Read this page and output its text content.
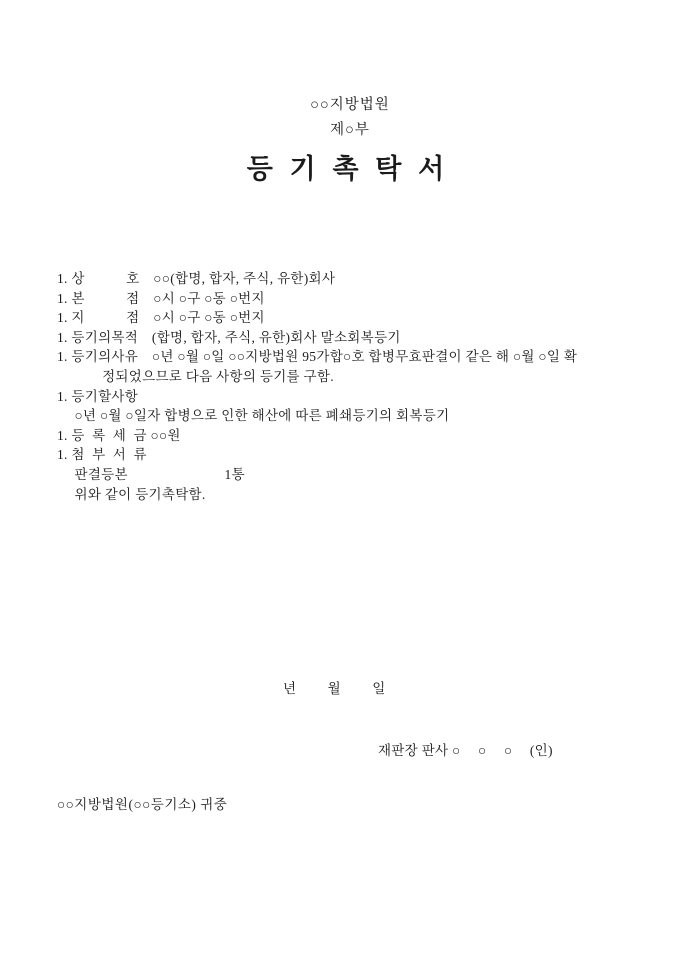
○○지방법원
제○부
등 기 촉 탁 서
1. 상　　　호　○○(합명, 합자, 주식, 유한)회사
1. 본　　　점　○시 ○구 ○동 ○번지
1. 지　　　점　○시 ○구 ○동 ○번지
1. 등기의목적　(합명, 합자, 주식, 유한)회사 말소회복등기
1. 등기의사유　○년 ○월 ○일 ○○지방법원 95가합○호 합병무효판결이 같은 해 ○월 ○일 확
　　　 정되었으므로 다음 사항의 등기를 구함.
1. 등기할사항
　 ○년 ○월 ○일자 합병으로 인한 해산에 따른 폐쇄등기의 회복등기
1. 등  록  세  금 ○○원
1. 첨  부  서  류
　 판결등본　　　　　　　1통
　 위와 같이 등기촉탁함.
년　　 월　　 일
재판장 판사 ○　 ○　 ○　 (인)
○○지방법원(○○등기소) 귀중
